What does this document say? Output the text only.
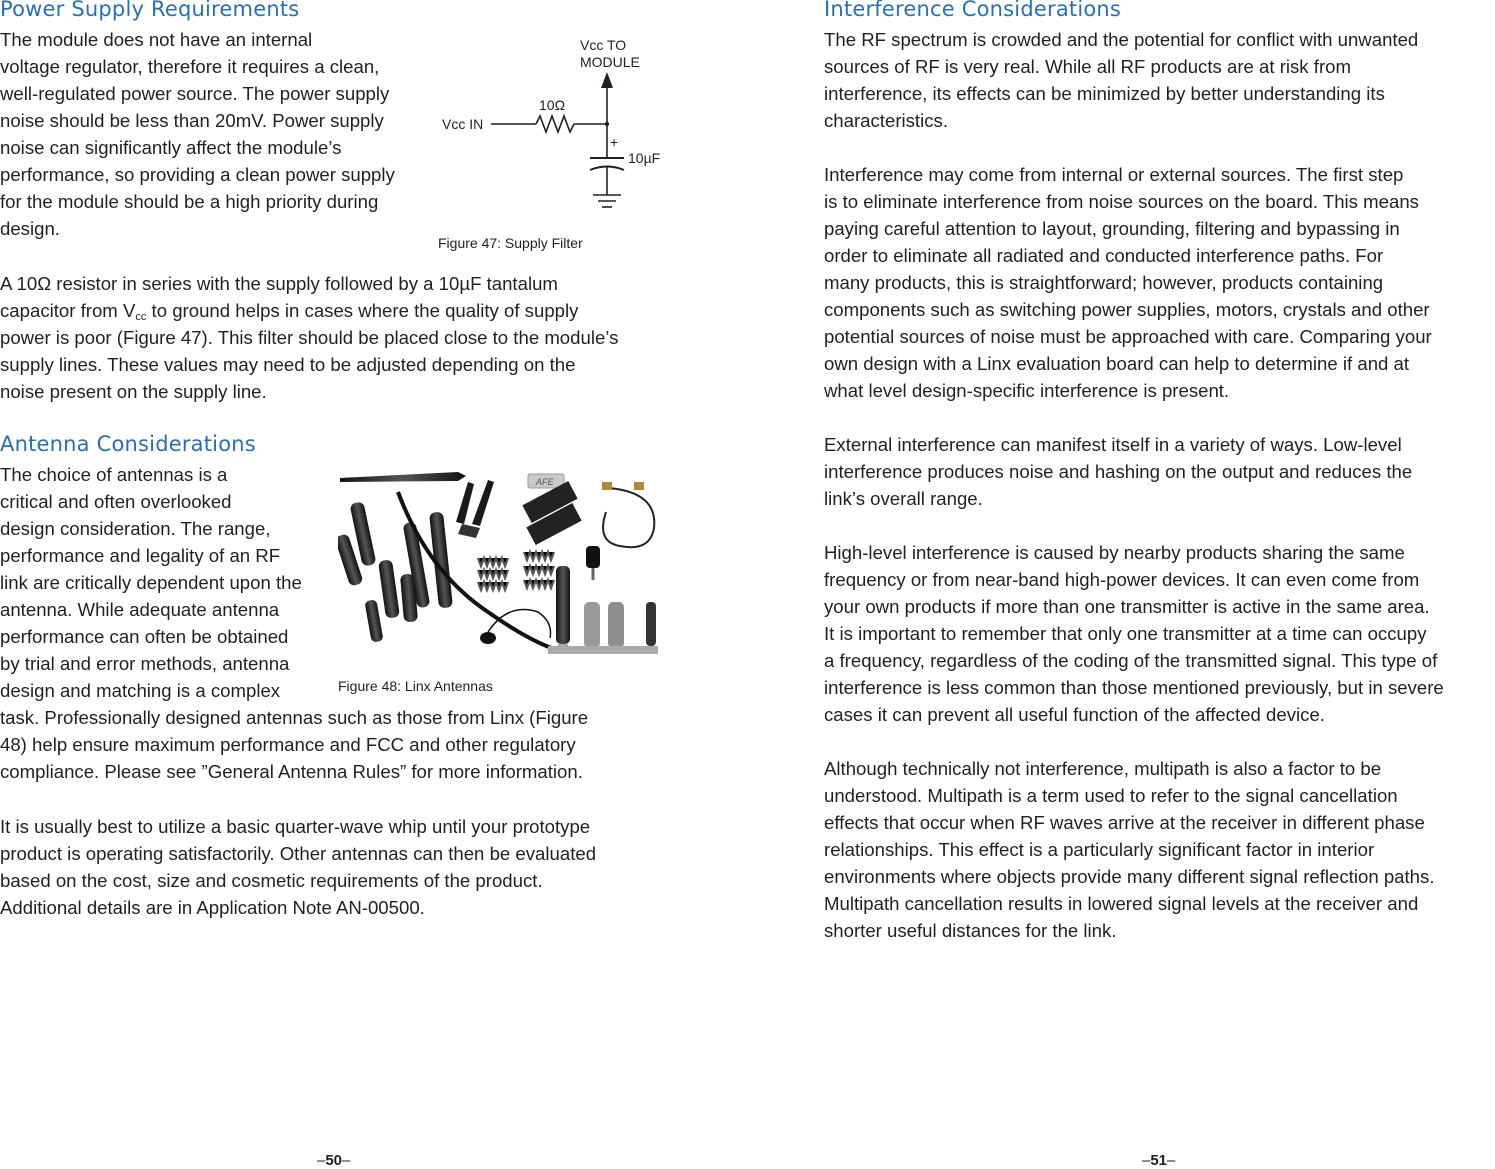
Power Supply Requirements
The module does not have an internal
voltage regulator, therefore it requires a clean,
well-regulated power source. The power supply
noise should be less than 20mV. Power supply
noise can significantly affect the module’s
performance, so providing a clean power supply
for the module should be a high priority during
design.
Vcc TO
MODULE
10Ω
Vcc IN
+
10µF
Figure 47: Supply Filter
A 10Ω resistor in series with the supply followed by a 10µF tantalum
capacitor from $V_{cc}$ to ground helps in cases where the quality of supply
power is poor (Figure 47). This filter should be placed close to the module’s
supply lines. These values may need to be adjusted depending on the
noise present on the supply line.
Antenna Considerations
The choice of antennas is a
critical and often overlooked
design consideration. The range,
performance and legality of an RF
link are critically dependent upon the
antenna. While adequate antenna
performance can often be obtained
by trial and error methods, antenna
design and matching is a complex
AFE
Figure 48: Linx Antennas
task. Professionally designed antennas such as those from Linx (Figure
48) help ensure maximum performance and FCC and other regulatory
compliance. Please see ”General Antenna Rules” for more information.
It is usually best to utilize a basic quarter-wave whip until your prototype
product is operating satisfactorily. Other antennas can then be evaluated
based on the cost, size and cosmetic requirements of the product.
Additional details are in Application Note AN-00500.
–50–
Interference Considerations

The RF spectrum is crowded and the potential for conflict with unwanted
sources of RF is very real. While all RF products are at risk from
interference, its effects can be minimized by better understanding its
characteristics.

Interference may come from internal or external sources. The first step
is to eliminate interference from noise sources on the board. This means
paying careful attention to layout, grounding, filtering and bypassing in
order to eliminate all radiated and conducted interference paths. For
many products, this is straightforward; however, products containing
components such as switching power supplies, motors, crystals and other
potential sources of noise must be approached with care. Comparing your
own design with a Linx evaluation board can help to determine if and at
what level design-specific interference is present.

External interference can manifest itself in a variety of ways. Low-level
interference produces noise and hashing on the output and reduces the
link’s overall range.

High-level interference is caused by nearby products sharing the same
frequency or from near-band high-power devices. It can even come from
your own products if more than one transmitter is active in the same area.
It is important to remember that only one transmitter at a time can occupy
a frequency, regardless of the coding of the transmitted signal. This type of
interference is less common than those mentioned previously, but in severe
cases it can prevent all useful function of the affected device.

Although technically not interference, multipath is also a factor to be
understood. Multipath is a term used to refer to the signal cancellation
effects that occur when RF waves arrive at the receiver in different phase
relationships. This effect is a particularly significant factor in interior
environments where objects provide many different signal reflection paths.
Multipath cancellation results in lowered signal levels at the receiver and
shorter useful distances for the link.

–51–
